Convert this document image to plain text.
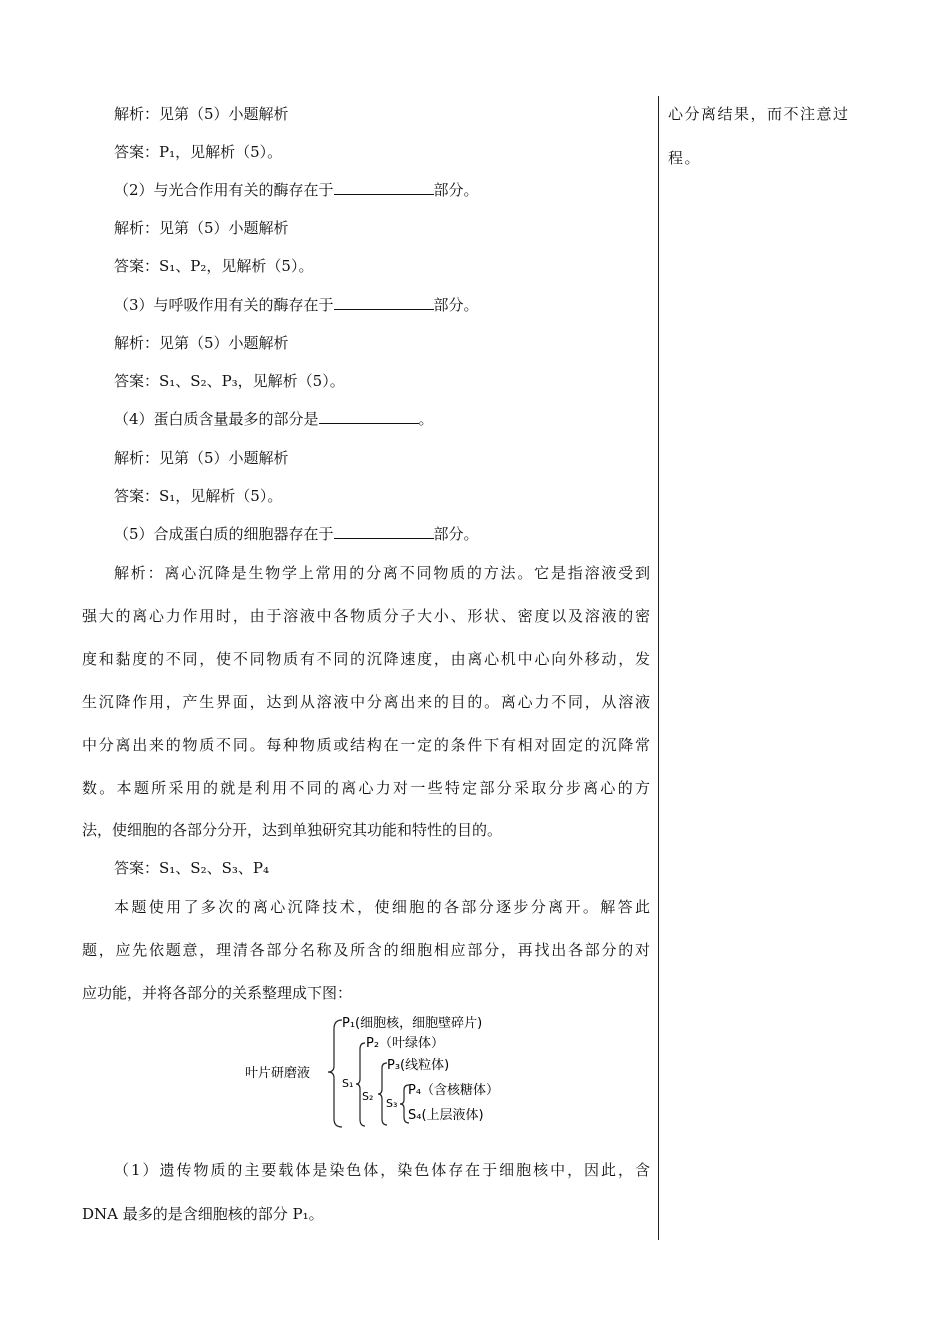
心分离结果，而不注意过
程。
解析：见第（5）小题解析
答案：P₁，见解析（5）。
（2）与光合作用有关的酶存在于	部分。
解析：见第（5）小题解析
答案：S₁、P₂，见解析（5）。
（3）与呼吸作用有关的酶存在于	部分。
解析：见第（5）小题解析
答案：S₁、S₂、P₃，见解析（5）。
（4）蛋白质含量最多的部分是	。
解析：见第（5）小题解析
答案：S₁，见解析（5）。
（5）合成蛋白质的细胞器存在于	部分。
解析：离心沉降是生物学上常用的分离不同物质的方法。它是指溶液受到
强大的离心力作用时，由于溶液中各物质分子大小、形状、密度以及溶液的密
度和黏度的不同，使不同物质有不同的沉降速度，由离心机中心向外移动，发
生沉降作用，产生界面，达到从溶液中分离出来的目的。离心力不同，从溶液
中分离出来的物质不同。每种物质或结构在一定的条件下有相对固定的沉降常
数。本题所采用的就是利用不同的离心力对一些特定部分采取分步离心的方
法，使细胞的各部分分开，达到单独研究其功能和特性的目的。
答案：S₁、S₂、S₃、P₄
本题使用了多次的离心沉降技术，使细胞的各部分逐步分离开。解答此
题，应先依题意，理清各部分名称及所含的细胞相应部分，再找出各部分的对
应功能，并将各部分的关系整理成下图：
叶片研磨液
P₁(细胞核，细胞壁碎片)
S₁
P₂（叶绿体）
S₂
P₃(线粒体)
S₃
P₄（含核糖体）
S₄(上层液体)
（1）遗传物质的主要载体是染色体，染色体存在于细胞核中，因此，含
DNA 最多的是含细胞核的部分 P₁。
